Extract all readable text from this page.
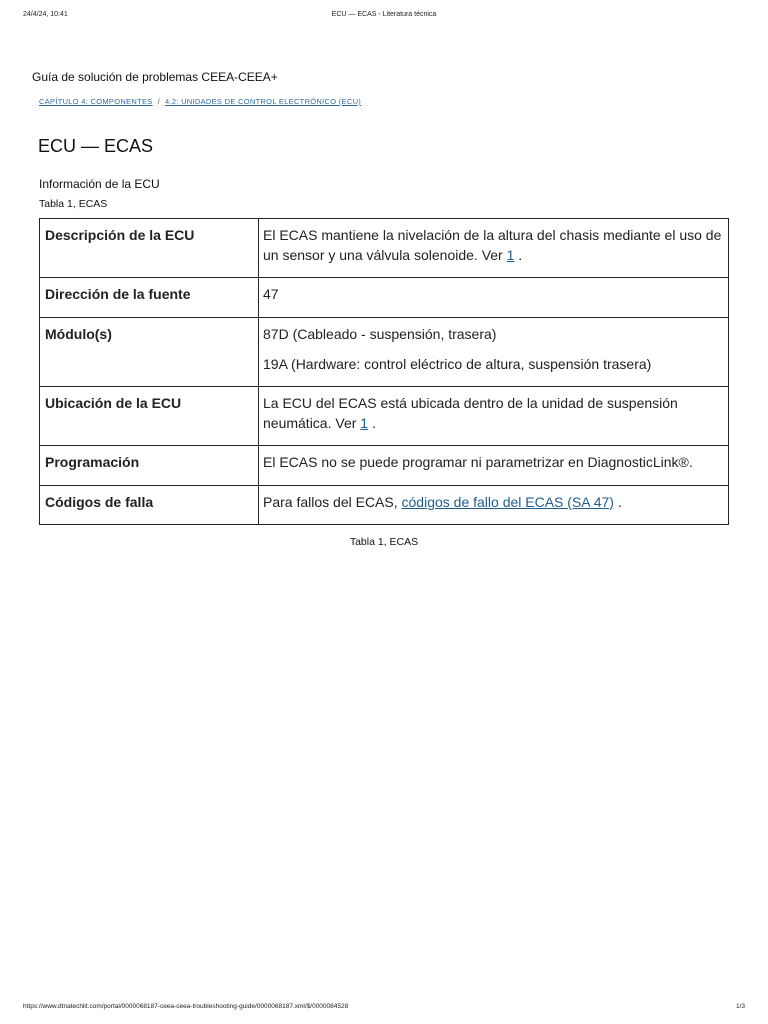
24/4/24, 10:41	ECU — ECAS - Literatura técnica
Guía de solución de problemas CEEA-CEEA+
CAPÍTULO 4: COMPONENTES / 4.2: UNIDADES DE CONTROL ELECTRÓNICO (ECU)
ECU — ECAS
Información de la ECU
Tabla 1, ECAS
Descripción de la ECU	El ECAS mantiene la nivelación de la altura del chasis mediante el uso de un sensor y una válvula solenoide. Ver 1 .
Dirección de la fuente	47
Módulo(s)	87D (Cableado - suspensión, trasera)

19A (Hardware: control eléctrico de altura, suspensión trasera)

Ubicación de la ECU	La ECU del ECAS está ubicada dentro de la unidad de suspensión neumática. Ver 1 .
Programación	El ECAS no se puede programar ni parametrizar en DiagnosticLink®.
Códigos de falla	Para fallos del ECAS, códigos de fallo del ECAS (SA 47) .
Tabla 1, ECAS
https://www.dtnatechlit.com/portal/0000068187-ceea-ceea-troubleshooting-guide/0000068187.xml/$/0000084528	1/3
